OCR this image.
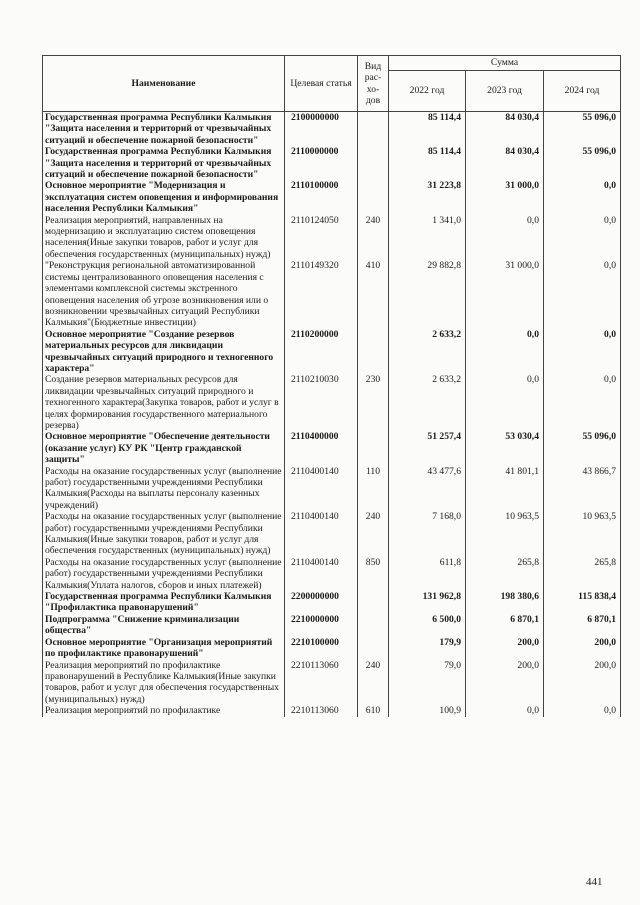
Наименование	Целевая статья	Вид рас-хо-дов	Сумма		
			2022 год	2023 год	2024 год
Государственная программа Республики Калмыкия "Защита населения и территорий от чрезвычайных ситуаций и обеспечение пожарной безопасности"	2100000000		85 114,4	84 030,4	55 096,0
Государственная программа Республики Калмыкия "Защита населения и территорий от чрезвычайных ситуаций и обеспечение пожарной безопасности"	2110000000		85 114,4	84 030,4	55 096,0
Основное мероприятие "Модернизация и эксплуатация систем оповещения и информирования населения Республики Калмыкия"	2110100000		31 223,8	31 000,0	0,0
Реализация мероприятий, направленных на модернизацию и эксплуатацию систем оповещения населения(Иные закупки товаров, работ и услуг для обеспечения государственных (муниципальных) нужд)	2110124050	240	1 341,0	0,0	0,0
"Реконструкция региональной автоматизированной системы централизованного оповещения населения с элементами комплексной системы экстренного оповещения населения об угрозе возникновения или о возникновении чрезвычайных ситуаций Республики Калмыкия"(Бюджетные инвестиции)	2110149320	410	29 882,8	31 000,0	0,0
Основное мероприятие "Создание резервов материальных ресурсов для ликвидации чрезвычайных ситуаций природного и техногенного характера"	2110200000		2 633,2	0,0	0,0
Создание резервов материальных ресурсов для ликвидации чрезвычайных ситуаций природного и техногенного характера(Закупка товаров, работ и услуг в целях формирования государственного материального резерва)	2110210030	230	2 633,2	0,0	0,0
Основное мероприятие "Обеспечение деятельности (оказание услуг) КУ РК "Центр гражданской защиты"	2110400000		51 257,4	53 030,4	55 096,0
Расходы на оказание государственных услуг (выполнение работ) государственными учреждениями Республики Калмыкия(Расходы на выплаты персоналу казенных учреждений)	2110400140	110	43 477,6	41 801,1	43 866,7
Расходы на оказание государственных услуг (выполнение работ) государственными учреждениями Республики Калмыкия(Иные закупки товаров, работ и услуг для обеспечения государственных (муниципальных) нужд)	2110400140	240	7 168,0	10 963,5	10 963,5
Расходы на оказание государственных услуг (выполнение работ) государственными учреждениями Республики Калмыкия(Уплата налогов, сборов и иных платежей)	2110400140	850	611,8	265,8	265,8
Государственная программа Республики Калмыкия "Профилактика правонарушений"	2200000000		131 962,8	198 380,6	115 838,4
Подпрограмма "Снижение криминализации общества"	2210000000		6 500,0	6 870,1	6 870,1
Основное мероприятие "Организация мероприятий по профилактике правонарушений"	2210100000		179,9	200,0	200,0
Реализация мероприятий по профилактике правонарушений в Республике Калмыкия(Иные закупки товаров, работ и услуг для обеспечения государственных (муниципальных) нужд)	2210113060	240	79,0	200,0	200,0
Реализация мероприятий по профилактике	2210113060	610	100,9	0,0	0,0
441
